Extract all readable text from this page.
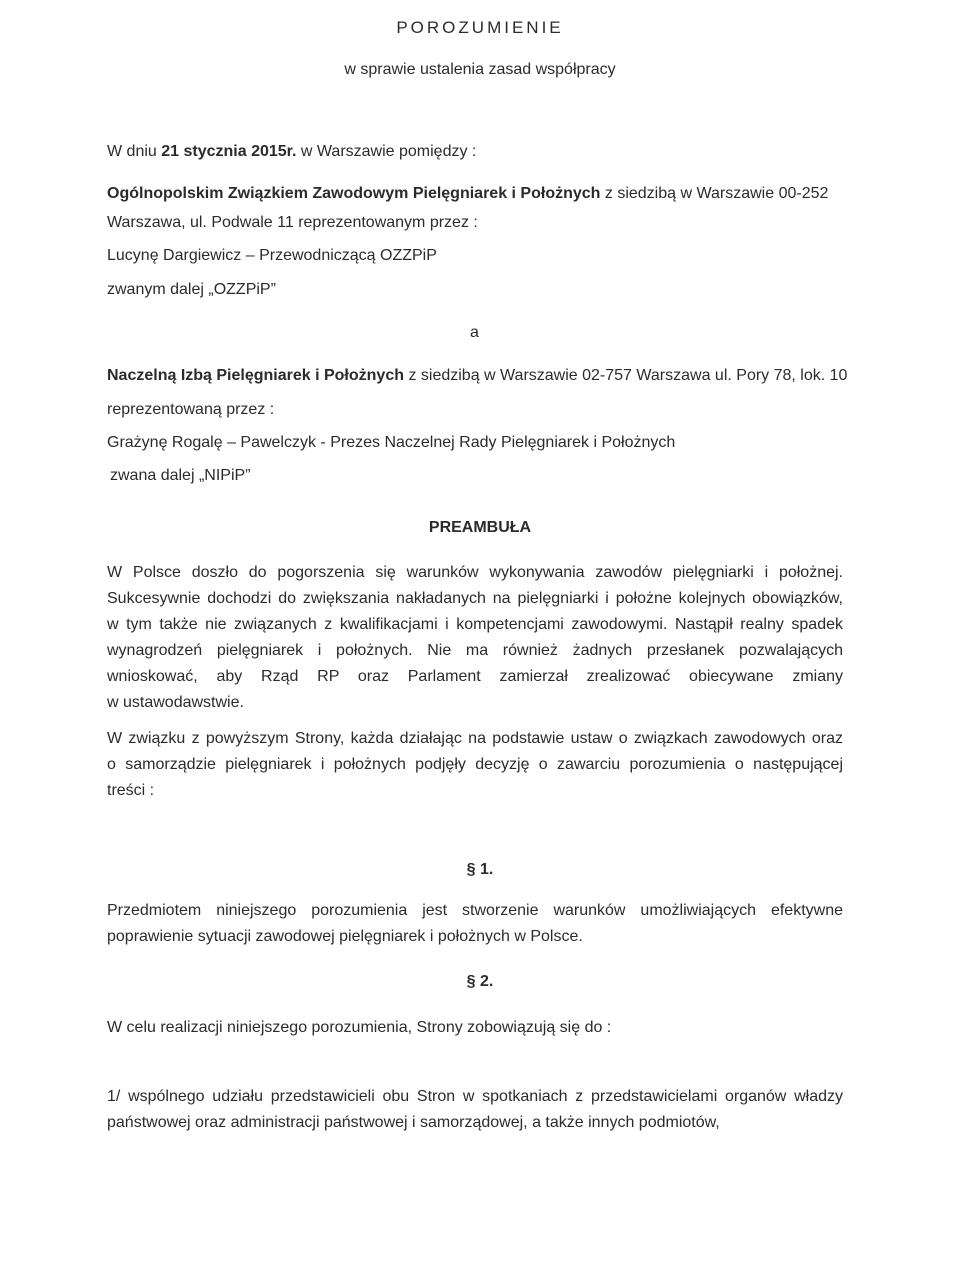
POROZUMIENIE
w sprawie ustalenia zasad współpracy
W dniu 21 stycznia 2015r. w Warszawie pomiędzy :
Ogólnopolskim Związkiem Zawodowym Pielęgniarek i Położnych z siedzibą w Warszawie 00-252
Warszawa, ul. Podwale 11 reprezentowanym przez :
Lucynę Dargiewicz – Przewodniczącą OZZPiP
zwanym dalej „OZZPiP”
a
Naczelną Izbą Pielęgniarek i Położnych z siedzibą w Warszawie 02-757 Warszawa ul. Pory 78, lok. 10
reprezentowaną przez :
Grażynę Rogalę – Pawelczyk - Prezes Naczelnej Rady Pielęgniarek i Położnych
zwana dalej „NIPiP”
PREAMBUŁA
W Polsce doszło do pogorszenia się warunków wykonywania zawodów pielęgniarki i położnej.
Sukcesywnie dochodzi do zwiększania nakładanych na pielęgniarki i położne kolejnych obowiązków,
w tym także nie związanych z kwalifikacjami i kompetencjami zawodowymi. Nastąpił realny spadek
wynagrodzeń pielęgniarek i położnych. Nie ma również żadnych przesłanek pozwalających
wnioskować, aby Rząd RP oraz Parlament zamierzał zrealizować obiecywane zmiany
w ustawodawstwie.
W związku z powyższym Strony, każda działając na podstawie ustaw o związkach zawodowych oraz
o samorządzie pielęgniarek i położnych podjęły decyzję o zawarciu porozumienia o następującej
treści :
§ 1.
Przedmiotem niniejszego porozumienia jest stworzenie warunków umożliwiających efektywne
poprawienie sytuacji zawodowej pielęgniarek i położnych w Polsce.
§ 2.
W celu realizacji niniejszego porozumienia, Strony zobowiązują się do :
1/ wspólnego udziału przedstawicieli obu Stron w spotkaniach z przedstawicielami organów władzy
państwowej oraz administracji państwowej i samorządowej, a także innych podmiotów,
